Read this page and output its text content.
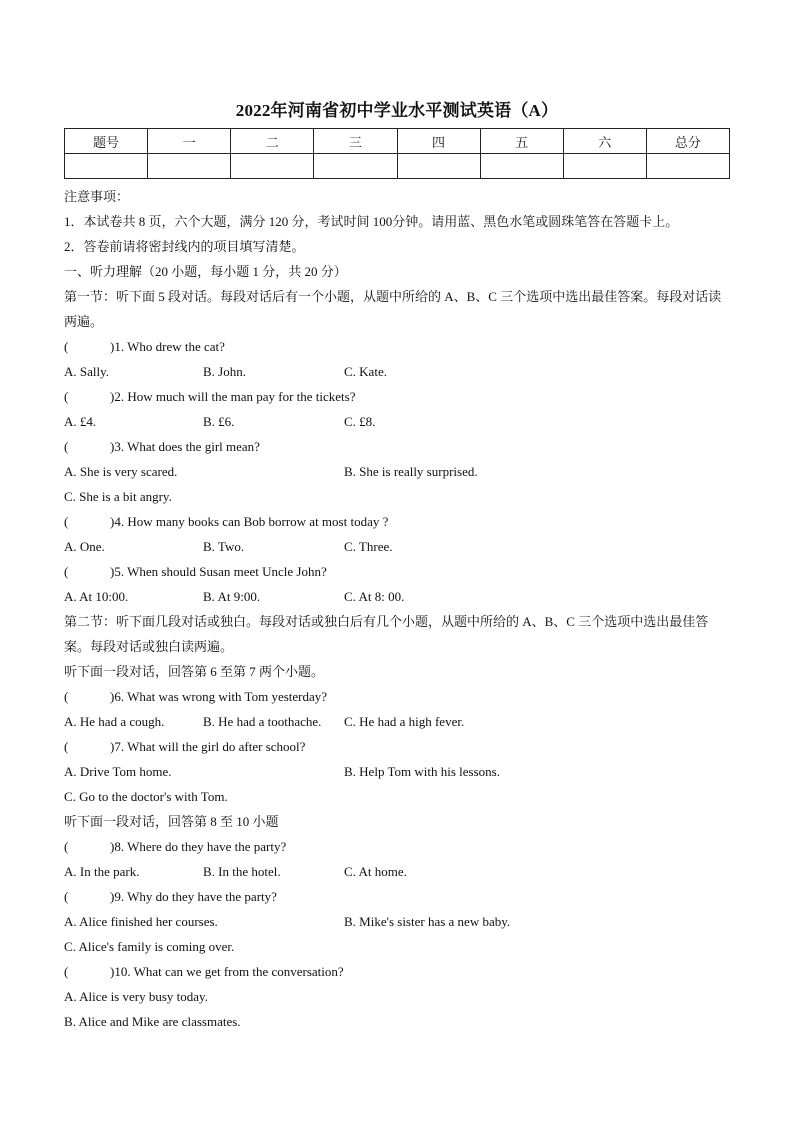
2022年河南省初中学业水平测试英语（A）
题号	一	二	三	四	五	六	总分

注意事项：
1．本试卷共 8 页，六个大题，满分 120 分，考试时间 100分钟。请用蓝、黑色水笔或圆珠笔答在答题卡上。
2．答卷前请将密封线内的项目填写清楚。
一、听力理解（20 小题，每小题 1 分，共 20 分）
第一节：听下面 5 段对话。每段对话后有一个小题，从题中所给的 A、B、C 三个选项中选出最佳答案。每段对话读两遍。
(	)1. Who drew the cat?
A. Sally.	B. John.	C. Kate.
(	)2. How much will the man pay for the tickets?
A. £4.	B. £6.	C. £8.
(	)3. What does the girl mean?
A. She is very scared.	B. She is really surprised.
C. She is a bit angry.
(	)4. How many books can Bob borrow at most today ?
A. One.	B. Two.	C. Three.
(	)5. When should Susan meet Uncle John?
A. At 10:00.	B. At 9:00.	C. At 8: 00.
第二节：听下面几段对话或独白。每段对话或独白后有几个小题，从题中所给的 A、B、C 三个选项中选出最佳答案。每段对话或独白读两遍。
听下面一段对话，回答第 6 至第 7 两个小题。
(	)6. What was wrong with Tom yesterday?
A. He had a cough.	B. He had a toothache. C. He had a high fever.
(	)7. What will the girl do after school?
A. Drive Tom home.	B. Help Tom with his lessons.
C. Go to the doctor's with Tom.
听下面一段对话，回答第 8 至 10 小题
(	)8. Where do they have the party?
A. In the park.	B. In the hotel.	C. At home.
(	)9. Why do they have the party?
A. Alice finished her courses.	B. Mike's sister has a new baby.
C. Alice's family is coming over.
(	)10. What can we get from the conversation?
A. Alice is very busy today.
B. Alice and Mike are classmates.
